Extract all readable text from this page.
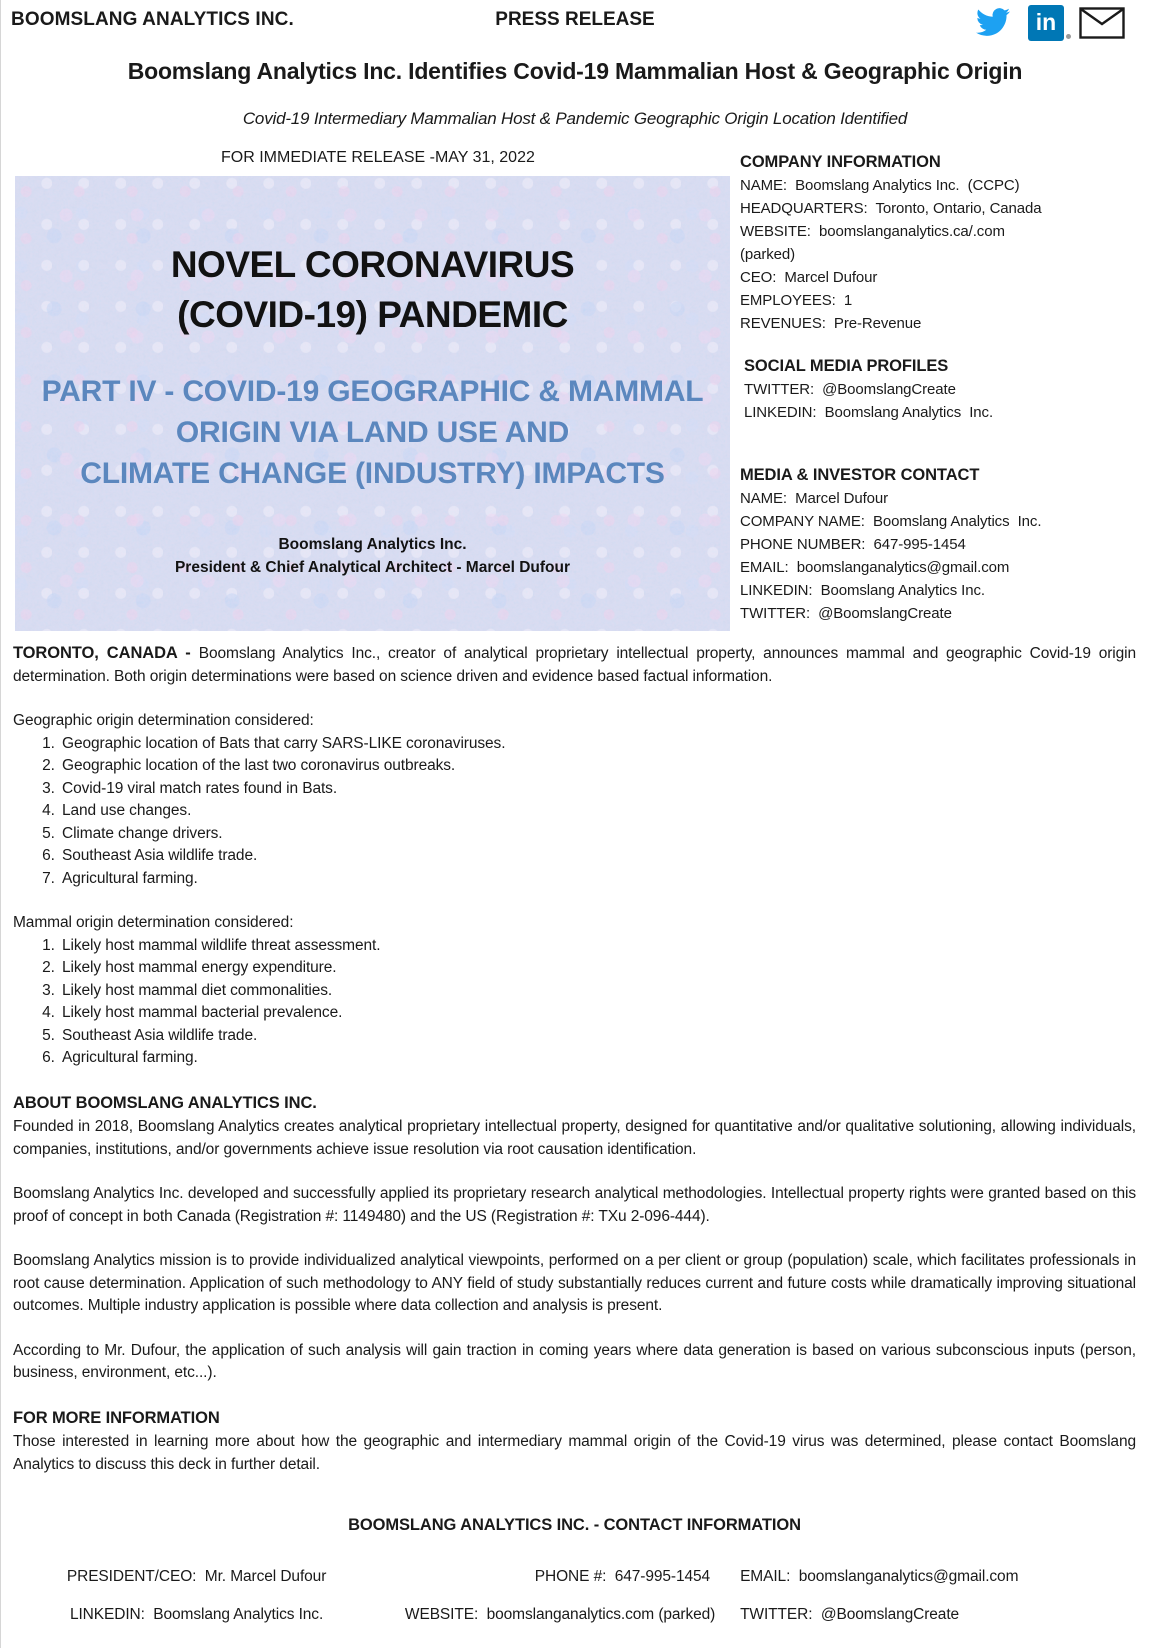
BOOMSLANG ANALYTICS INC.	PRESS RELEASE	in
Boomslang Analytics Inc. Identifies Covid-19 Mammalian Host & Geographic Origin
Covid-19 Intermediary Mammalian Host & Pandemic Geographic Origin Location Identified
FOR IMMEDIATE RELEASE -MAY 31, 2022
NOVEL CORONAVIRUS
(COVID-19) PANDEMIC
PART IV - COVID-19 GEOGRAPHIC & MAMMAL
ORIGIN VIA LAND USE AND
CLIMATE CHANGE (INDUSTRY) IMPACTS
Boomslang Analytics Inc.
President & Chief Analytical Architect - Marcel Dufour
COMPANY INFORMATION
NAME:  Boomslang Analytics Inc.  (CCPC)
HEADQUARTERS:  Toronto, Ontario, Canada
WEBSITE:  boomslanganalytics.ca/.com
(parked)
CEO:  Marcel Dufour
EMPLOYEES:  1
REVENUES:  Pre-Revenue
SOCIAL MEDIA PROFILES
TWITTER:  @BoomslangCreate
LINKEDIN:  Boomslang Analytics  Inc.
MEDIA & INVESTOR CONTACT
NAME:  Marcel Dufour
COMPANY NAME:  Boomslang Analytics  Inc.
PHONE NUMBER:  647-995-1454
EMAIL:  boomslanganalytics@gmail.com
LINKEDIN:  Boomslang Analytics Inc.
TWITTER:  @BoomslangCreate

TORONTO, CANADA - Boomslang Analytics Inc., creator of analytical proprietary intellectual property, announces mammal and geographic Covid-19 origin determination. Both origin determinations were based on science driven and evidence based factual information.

Geographic origin determination considered:

1. Geographic location of Bats that carry SARS-LIKE coronaviruses.
2. Geographic location of the last two coronavirus outbreaks.
3. Covid-19 viral match rates found in Bats.
4. Land use changes.
5. Climate change drivers.
6. Southeast Asia wildlife trade.
7. Agricultural farming.

Mammal origin determination considered:

1. Likely host mammal wildlife threat assessment.
2. Likely host mammal energy expenditure.
3. Likely host mammal diet commonalities.
4. Likely host mammal bacterial prevalence.
5. Southeast Asia wildlife trade.
6. Agricultural farming.
ABOUT BOOMSLANG ANALYTICS INC.

Founded in 2018, Boomslang Analytics creates analytical proprietary intellectual property, designed for quantitative and/or qualitative solutioning, allowing individuals, companies, institutions, and/or governments achieve issue resolution via root causation identification.

Boomslang Analytics Inc. developed and successfully applied its proprietary research analytical methodologies. Intellectual property rights were granted based on this proof of concept in both Canada (Registration #: 1149480) and the US (Registration #: TXu 2-096-444).

Boomslang Analytics mission is to provide individualized analytical viewpoints, performed on a per client or group (population) scale, which facilitates professionals in root cause determination. Application of such methodology to ANY field of study substantially reduces current and future costs while dramatically improving situational outcomes. Multiple industry application is possible where data collection and analysis is present.

According to Mr. Dufour, the application of such analysis will gain traction in coming years where data generation is based on various subconscious inputs (person, business, environment, etc...).

FOR MORE INFORMATION

Those interested in learning more about how the geographic and intermediary mammal origin of the Covid-19 virus was determined, please contact Boomslang Analytics to discuss this deck in further detail.

BOOMSLANG ANALYTICS INC. - CONTACT INFORMATION
PRESIDENT/CEO:  Mr. Marcel Dufour	PHONE #:  647-995-1454	EMAIL:  boomslanganalytics@gmail.com
LINKEDIN:  Boomslang Analytics Inc.	WEBSITE:  boomslanganalytics.com (parked)	TWITTER:  @BoomslangCreate
